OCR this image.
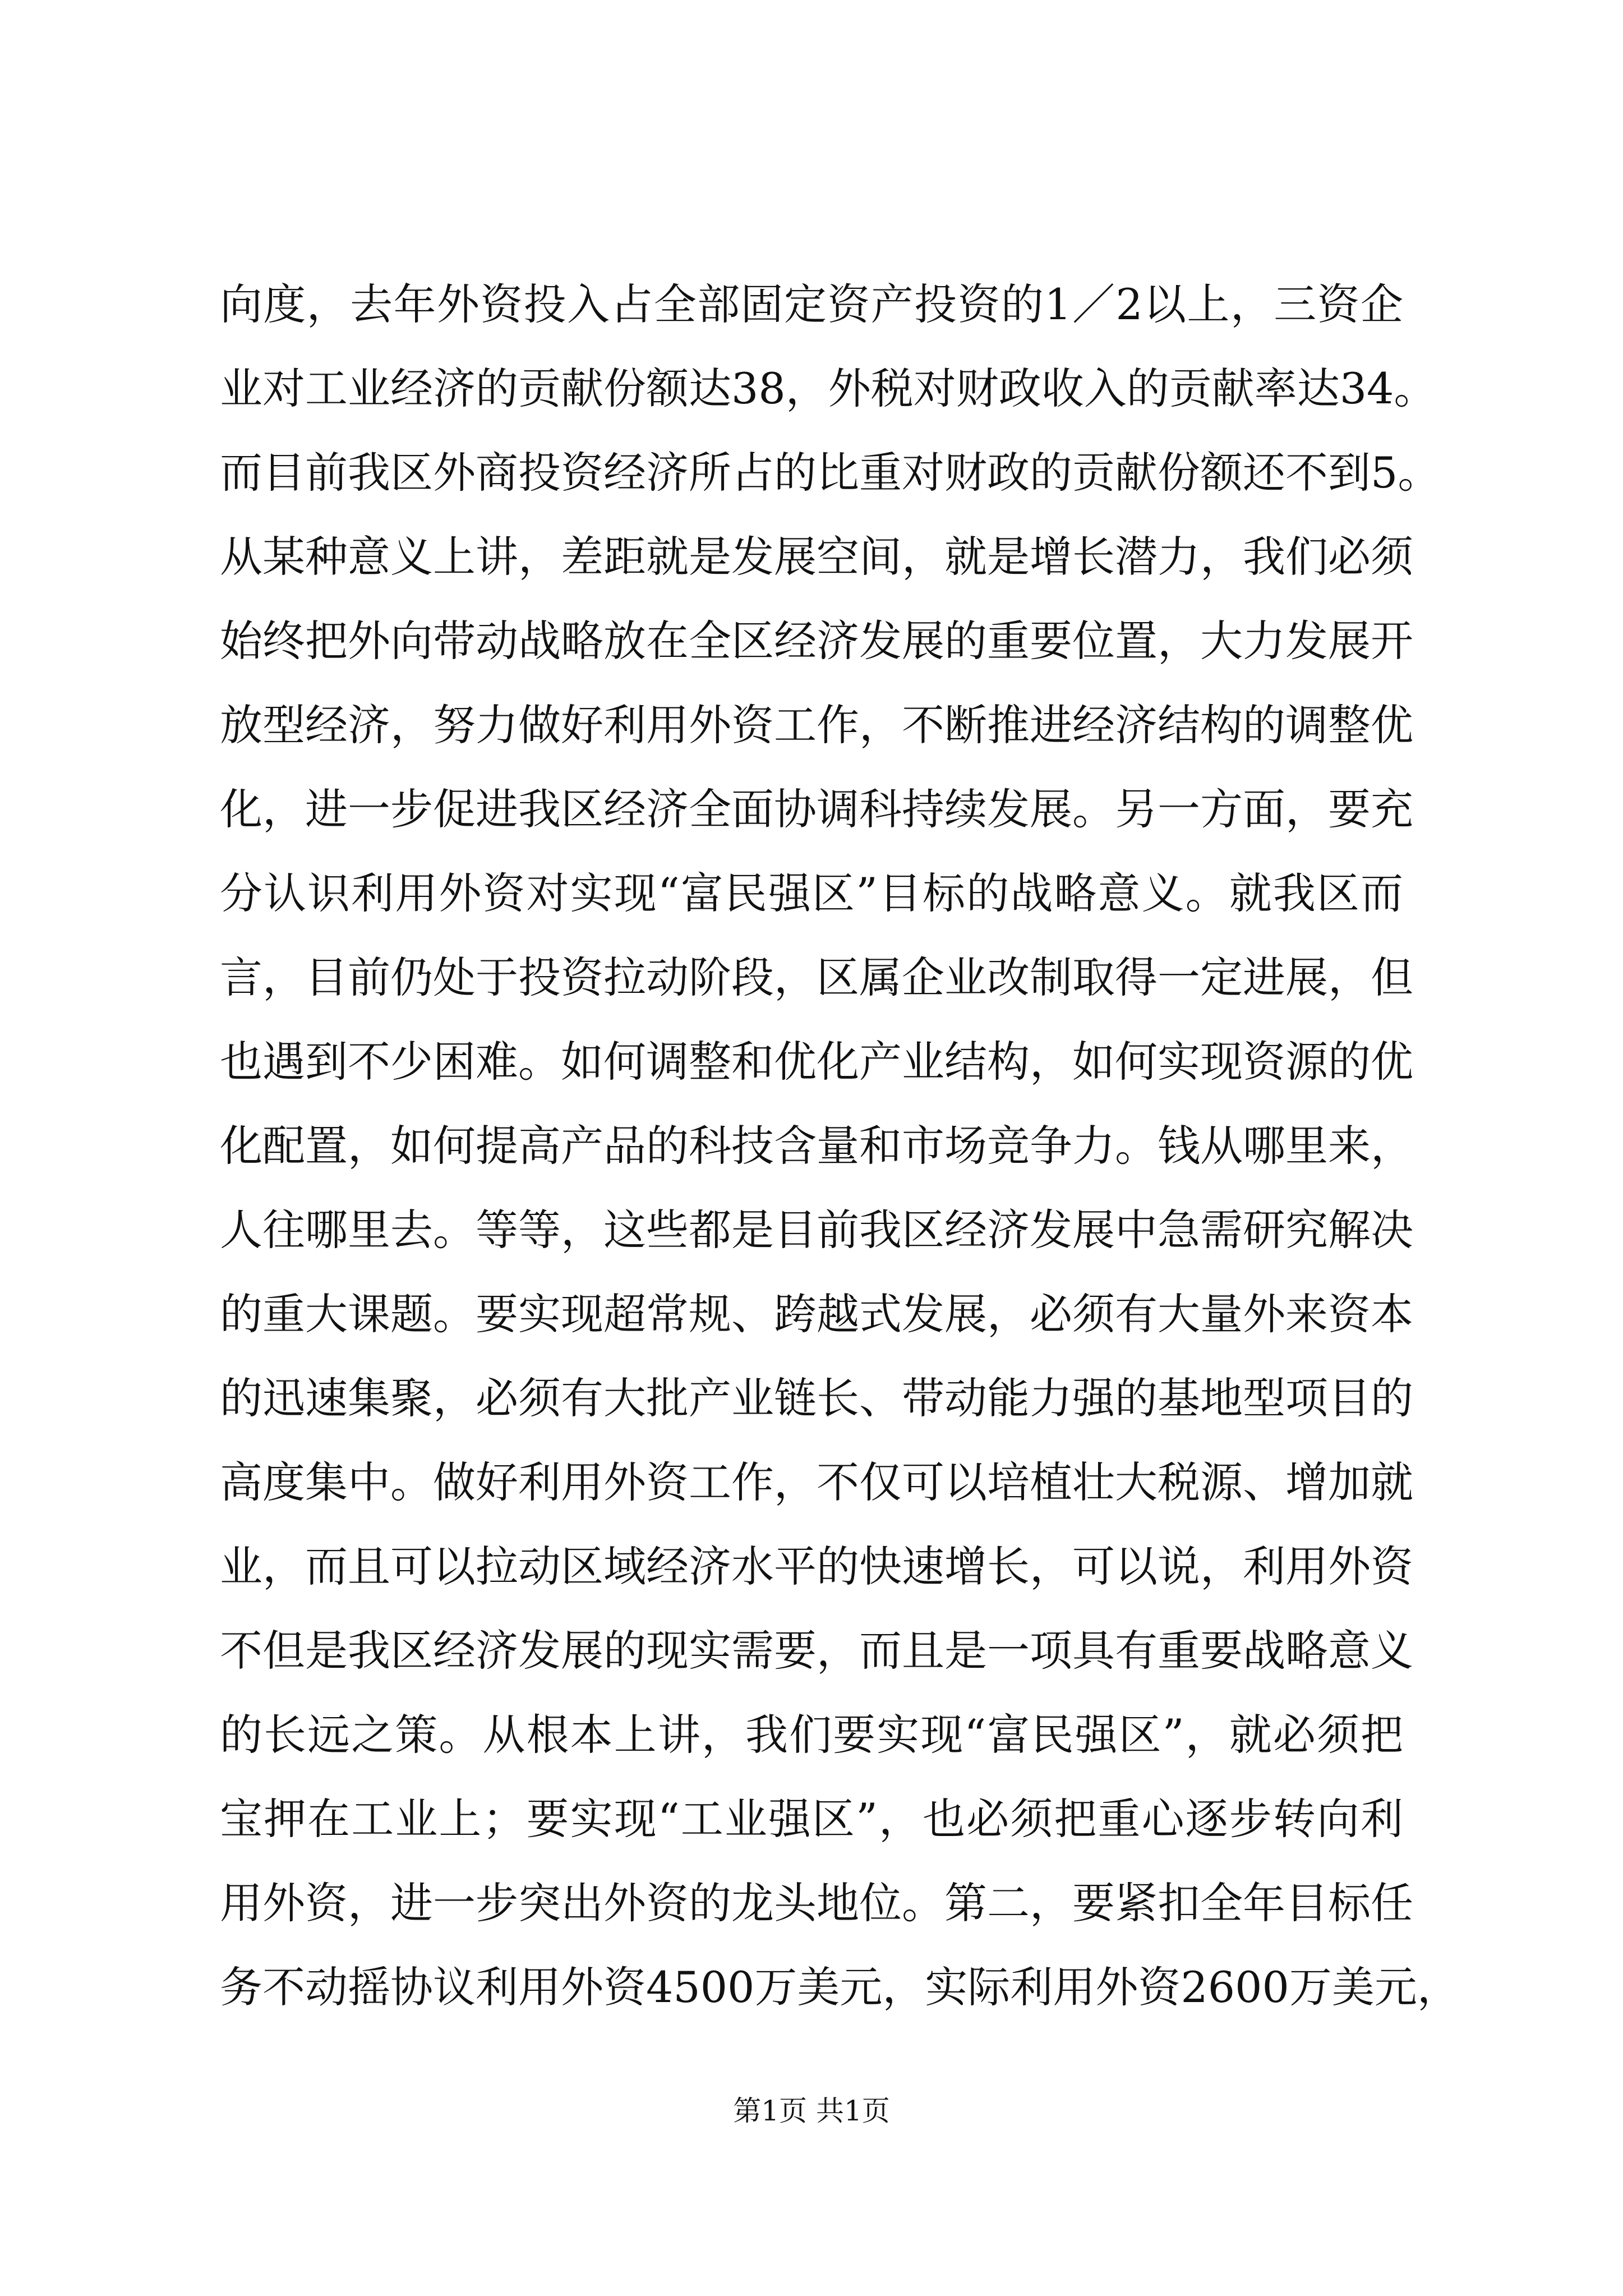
向度，去年外资投入占全部固定资产投资的1／2以上，三资企
业对工业经济的贡献份额达38，外税对财政收入的贡献率达34。
而目前我区外商投资经济所占的比重对财政的贡献份额还不到5。
从某种意义上讲，差距就是发展空间，就是增长潜力，我们必须
始终把外向带动战略放在全区经济发展的重要位置，大力发展开
放型经济，努力做好利用外资工作，不断推进经济结构的调整优
化，进一步促进我区经济全面协调科持续发展。另一方面，要充
分认识利用外资对实现“富民强区”目标的战略意义。就我区而
言，目前仍处于投资拉动阶段，区属企业改制取得一定进展，但
也遇到不少困难。如何调整和优化产业结构，如何实现资源的优
化配置，如何提高产品的科技含量和市场竞争力。钱从哪里来，
人往哪里去。等等，这些都是目前我区经济发展中急需研究解决
的重大课题。要实现超常规、跨越式发展，必须有大量外来资本
的迅速集聚，必须有大批产业链长、带动能力强的基地型项目的
高度集中。做好利用外资工作，不仅可以培植壮大税源、增加就
业，而且可以拉动区域经济水平的快速增长，可以说，利用外资
不但是我区经济发展的现实需要，而且是一项具有重要战略意义
的长远之策。从根本上讲，我们要实现“富民强区”，就必须把
宝押在工业上；要实现“工业强区”，也必须把重心逐步转向利
用外资，进一步突出外资的龙头地位。第二，要紧扣全年目标任
务不动摇协议利用外资4500万美元，实际利用外资2600万美元，
第1页 共1页
